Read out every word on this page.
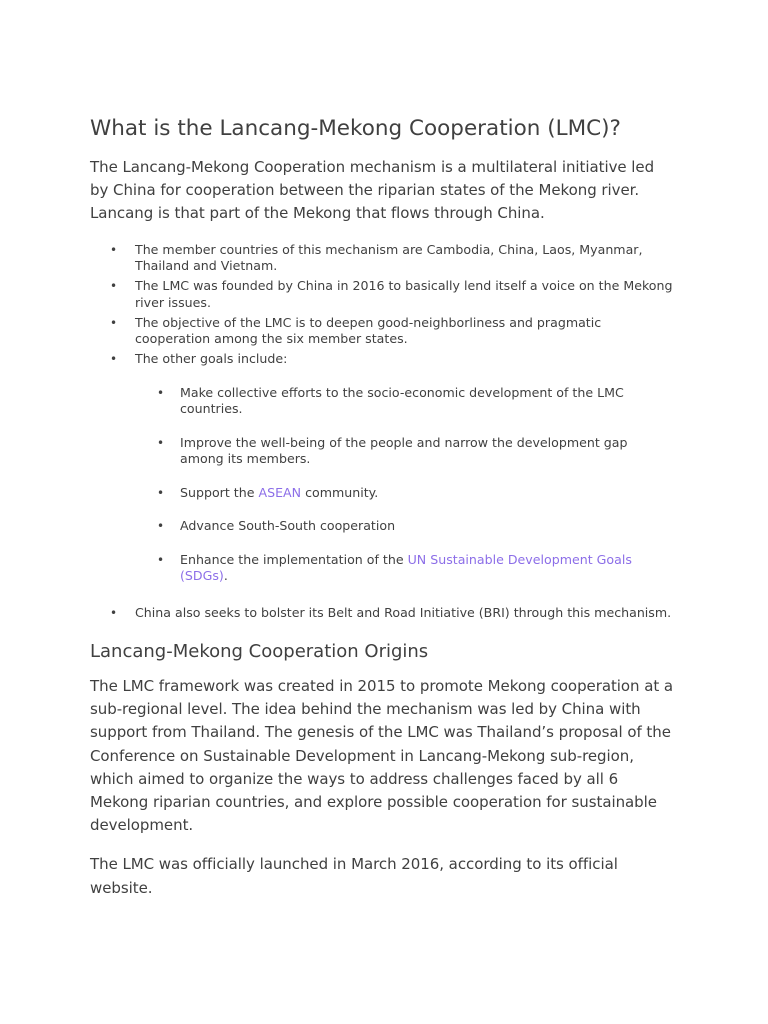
What is the Lancang-Mekong Cooperation (LMC)?

The Lancang-Mekong Cooperation mechanism is a multilateral initiative led by China for cooperation between the riparian states of the Mekong river. Lancang is that part of the Mekong that flows through China.

• The member countries of this mechanism are Cambodia, China, Laos, Myanmar, Thailand and Vietnam.
• The LMC was founded by China in 2016 to basically lend itself a voice on the Mekong river issues.
• The objective of the LMC is to deepen good-neighborliness and pragmatic cooperation among the six member states.
• The other goals include:
• Make collective efforts to the socio-economic development of the LMC countries.
• Improve the well-being of the people and narrow the development gap among its members.
• Support the ASEAN community.
• Advance South-South cooperation
• Enhance the implementation of the UN Sustainable Development Goals (SDGs).
• China also seeks to bolster its Belt and Road Initiative (BRI) through this mechanism.
Lancang-Mekong Cooperation Origins

The LMC framework was created in 2015 to promote Mekong cooperation at a sub-regional level. The idea behind the mechanism was led by China with support from Thailand. The genesis of the LMC was Thailand’s proposal of the Conference on Sustainable Development in Lancang-Mekong sub-region, which aimed to organize the ways to address challenges faced by all 6 Mekong riparian countries, and explore possible cooperation for sustainable development.

The LMC was officially launched in March 2016, according to its official website.
